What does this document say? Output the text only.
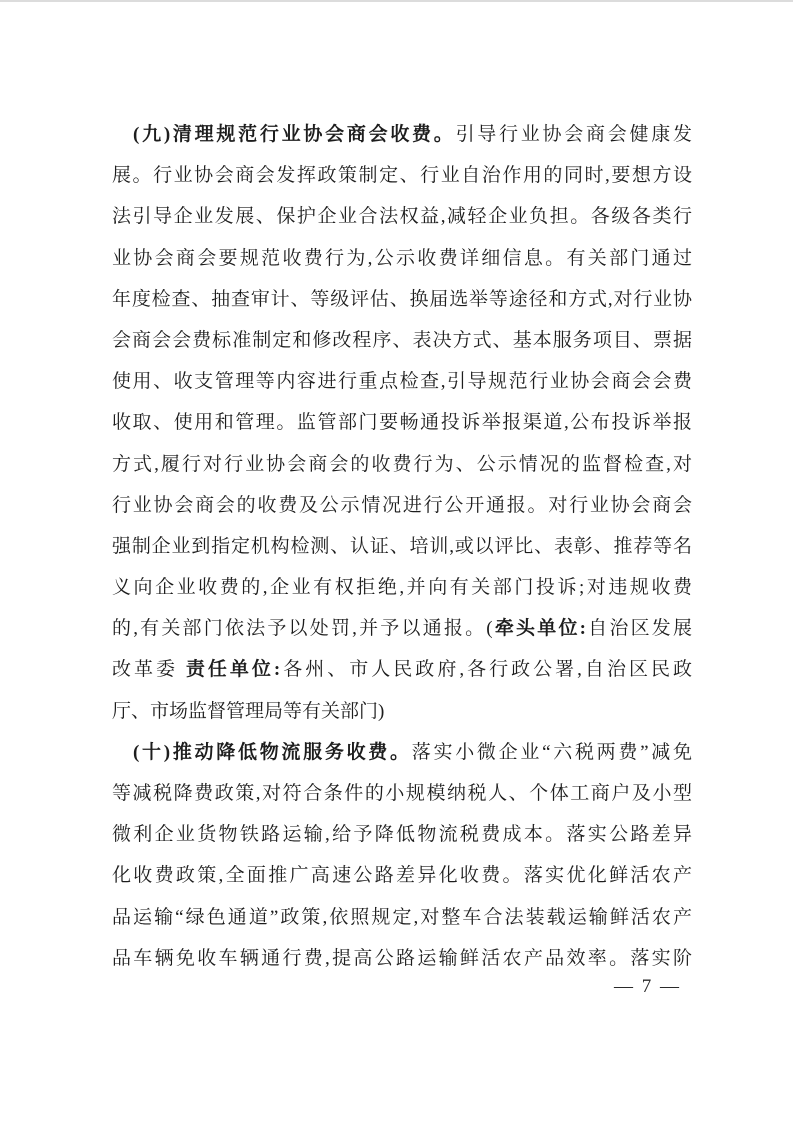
(九)清理规范行业协会商会收费。引导行业协会商会健康发
展。行业协会商会发挥政策制定、行业自治作用的同时,要想方设
法引导企业发展、保护企业合法权益,减轻企业负担。各级各类行
业协会商会要规范收费行为,公示收费详细信息。有关部门通过
年度检查、抽查审计、等级评估、换届选举等途径和方式,对行业协
会商会会费标准制定和修改程序、表决方式、基本服务项目、票据
使用、收支管理等内容进行重点检查,引导规范行业协会商会会费
收取、使用和管理。监管部门要畅通投诉举报渠道,公布投诉举报
方式,履行对行业协会商会的收费行为、公示情况的监督检查,对
行业协会商会的收费及公示情况进行公开通报。对行业协会商会
强制企业到指定机构检测、认证、培训,或以评比、表彰、推荐等名
义向企业收费的,企业有权拒绝,并向有关部门投诉;对违规收费
的,有关部门依法予以处罚,并予以通报。(牵头单位:自治区发展
改革委 责任单位:各州、市人民政府,各行政公署,自治区民政
厅、市场监督管理局等有关部门)
(十)推动降低物流服务收费。落实小微企业“六税两费”减免
等减税降费政策,对符合条件的小规模纳税人、个体工商户及小型
微利企业货物铁路运输,给予降低物流税费成本。落实公路差异
化收费政策,全面推广高速公路差异化收费。落实优化鲜活农产
品运输“绿色通道”政策,依照规定,对整车合法装载运输鲜活农产
品车辆免收车辆通行费,提高公路运输鲜活农产品效率。落实阶
— 7 —
